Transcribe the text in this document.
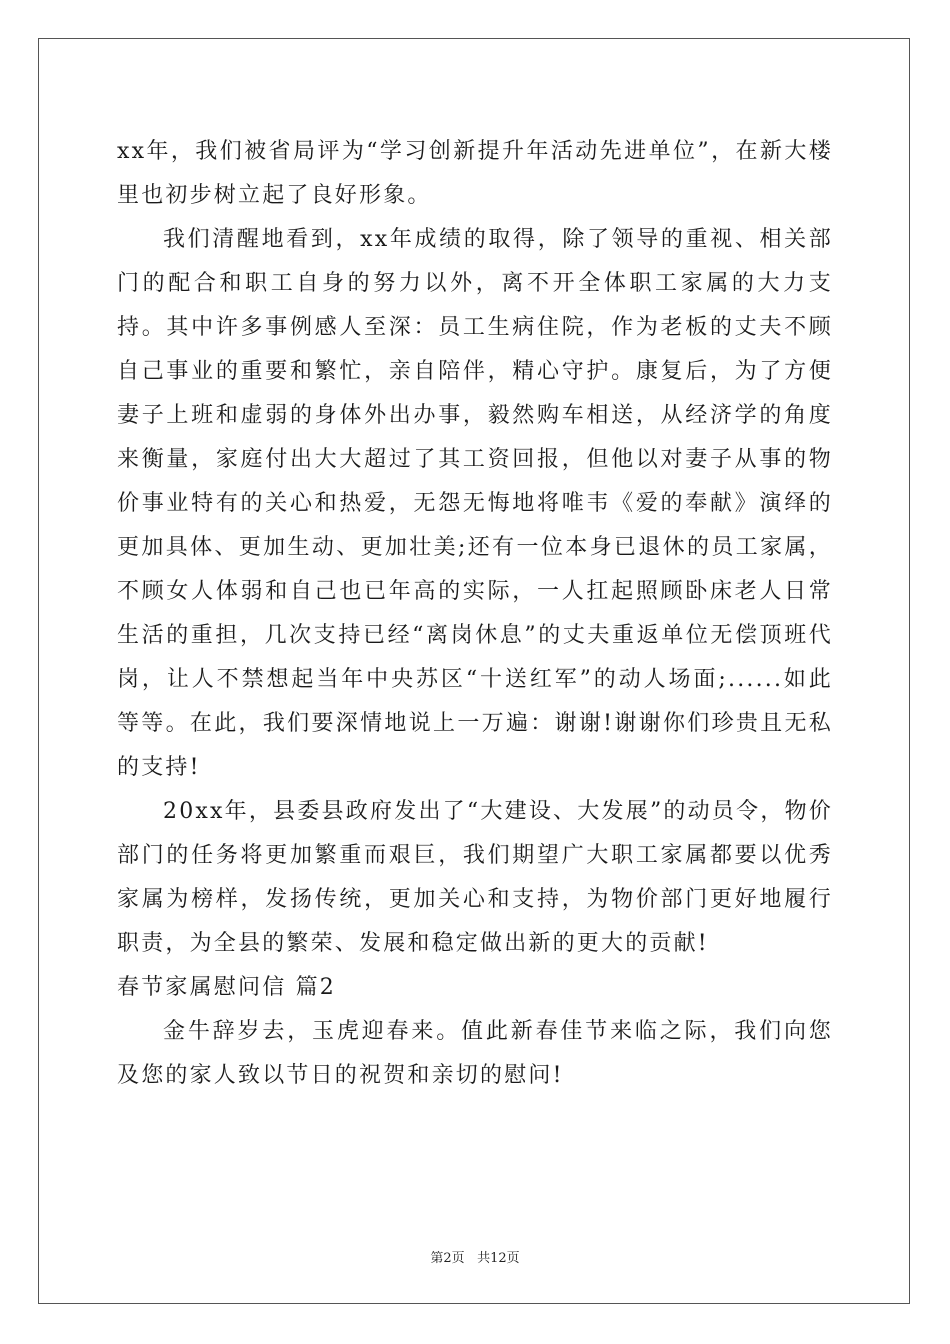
xx年，我们被省局评为“学习创新提升年活动先进单位”，在新大楼里也初步树立起了良好形象。

我们清醒地看到，xx年成绩的取得，除了领导的重视、相关部门的配合和职工自身的努力以外，离不开全体职工家属的大力支持。其中许多事例感人至深：员工生病住院，作为老板的丈夫不顾自己事业的重要和繁忙，亲自陪伴，精心守护。康复后，为了方便妻子上班和虚弱的身体外出办事，毅然购车相送，从经济学的角度来衡量，家庭付出大大超过了其工资回报，但他以对妻子从事的物价事业特有的关心和热爱，无怨无悔地将唯韦《爱的奉献》演绎的更加具体、更加生动、更加壮美;还有一位本身已退休的员工家属，不顾女人体弱和自己也已年高的实际，一人扛起照顾卧床老人日常生活的重担，几次支持已经“离岗休息”的丈夫重返单位无偿顶班代岗，让人不禁想起当年中央苏区“十送红军”的动人场面;......如此等等。在此，我们要深情地说上一万遍：谢谢!谢谢你们珍贵且无私的支持!

20xx年，县委县政府发出了“大建设、大发展”的动员令，物价部门的任务将更加繁重而艰巨，我们期望广大职工家属都要以优秀家属为榜样，发扬传统，更加关心和支持，为物价部门更好地履行职责，为全县的繁荣、发展和稳定做出新的更大的贡献!

春节家属慰问信 篇2

金牛辞岁去，玉虎迎春来。值此新春佳节来临之际，我们向您及您的家人致以节日的祝贺和亲切的慰问!

第2页 共12页
